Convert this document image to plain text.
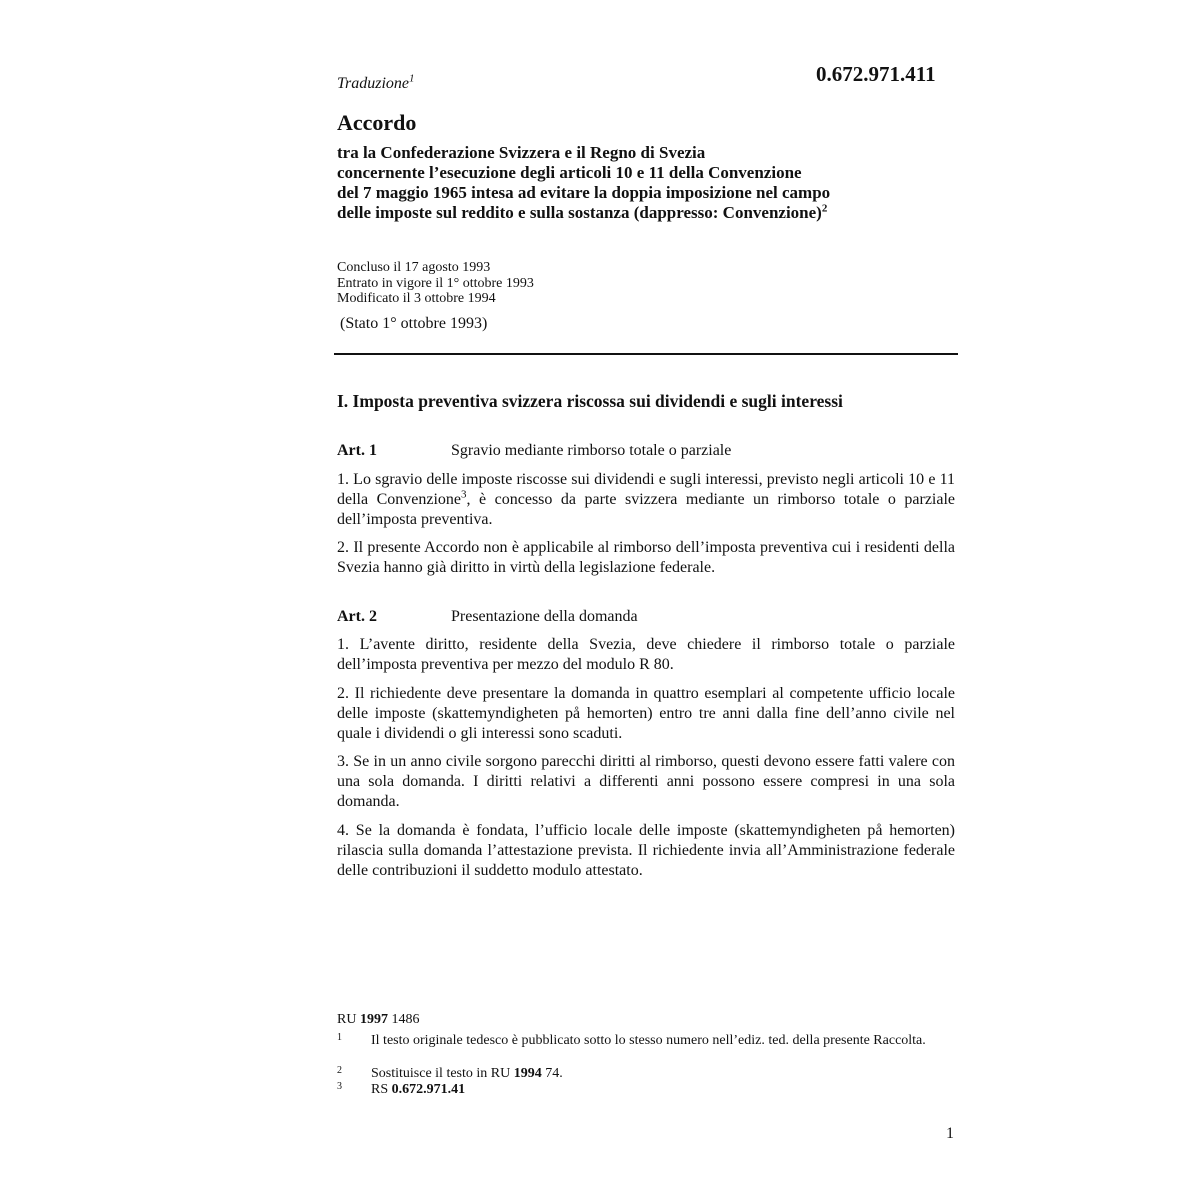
Traduzione$^1$	0.672.971.411
Accordo
tra la Confederazione Svizzera e il Regno di Svezia
concernente l’esecuzione degli articoli 10 e 11 della Convenzione
del 7 maggio 1965 intesa ad evitare la doppia imposizione nel campo
delle imposte sul reddito e sulla sostanza (dappresso: Convenzione)$^2$
Concluso il 17 agosto 1993
Entrato in vigore il 1° ottobre 1993
Modificato il 3 ottobre 1994
(Stato 1° ottobre 1993)
I. Imposta preventiva svizzera riscossa sui dividendi e sugli interessi
Art. 1	Sgravio mediante rimborso totale o parziale

1. Lo sgravio delle imposte riscosse sui dividendi e sugli interessi, previsto negli articoli 10 e 11 della Convenzione$^3$, è concesso da parte svizzera mediante un rimborso totale o parziale dell’imposta preventiva.

2. Il presente Accordo non è applicabile al rimborso dell’imposta preventiva cui i residenti della Svezia hanno già diritto in virtù della legislazione federale.

Art. 2	Presentazione della domanda

1. L’avente diritto, residente della Svezia, deve chiedere il rimborso totale o parziale dell’imposta preventiva per mezzo del modulo R 80.

2. Il richiedente deve presentare la domanda in quattro esemplari al competente ufficio locale delle imposte (skattemyndigheten på hemorten) entro tre anni dalla fine dell’anno civile nel quale i dividendi o gli interessi sono scaduti.

3. Se in un anno civile sorgono parecchi diritti al rimborso, questi devono essere fatti valere con una sola domanda. I diritti relativi a differenti anni possono essere compresi in una sola domanda.

4. Se la domanda è fondata, l’ufficio locale delle imposte (skattemyndigheten på hemorten) rilascia sulla domanda l’attestazione prevista. Il richiedente invia all’Amministrazione federale delle contribuzioni il suddetto modulo attestato.

RU 1997 1486
1 Il testo originale tedesco è pubblicato sotto lo stesso numero nell’ediz. ted. della presente Raccolta.
2 Sostituisce il testo in RU 1994 74.
3 RS 0.672.971.41
1
